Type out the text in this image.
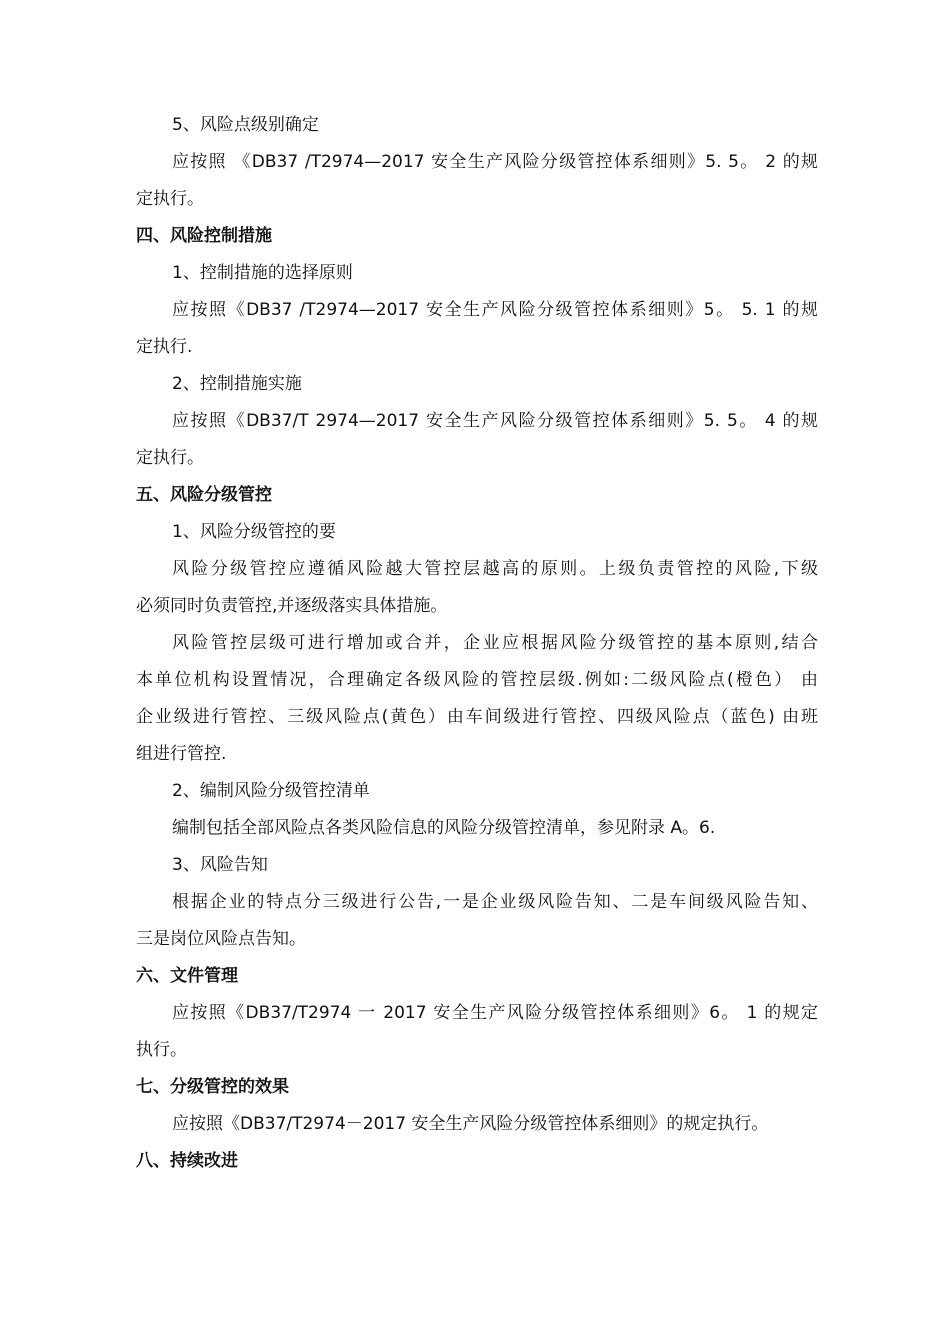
5、风险点级别确定
应按照 《DB37 /T2974—2017 安全生产风险分级管控体系细则》5. 5。 2 的规
定执行。
四、风险控制措施
1、控制措施的选择原则
应按照《DB37 /T2974—2017 安全生产风险分级管控体系细则》5。 5. 1 的规
定执行.
2、控制措施实施
应按照《DB37/T 2974—2017 安全生产风险分级管控体系细则》5. 5。 4 的规
定执行。
五、风险分级管控
1、风险分级管控的要
风险分级管控应遵循风险越大管控层越高的原则。上级负责管控的风险,下级
必须同时负责管控,并逐级落实具体措施。
风险管控层级可进行增加或合并，企业应根据风险分级管控的基本原则,结合
本单位机构设置情况，合理确定各级风险的管控层级.例如:二级风险点(橙色） 由
企业级进行管控、三级风险点(黄色）由车间级进行管控、四级风险点（蓝色) 由班
组进行管控.
2、编制风险分级管控清单
编制包括全部风险点各类风险信息的风险分级管控清单，参见附录 A。6.
3、风险告知
根据企业的特点分三级进行公告,一是企业级风险告知、二是车间级风险告知、
三是岗位风险点告知。
六、文件管理
应按照《DB37/T2974 一 2017 安全生产风险分级管控体系细则》6。 1 的规定
执行。
七、分级管控的效果
应按照《DB37/T2974－2017 安全生产风险分级管控体系细则》的规定执行。
八、持续改进
